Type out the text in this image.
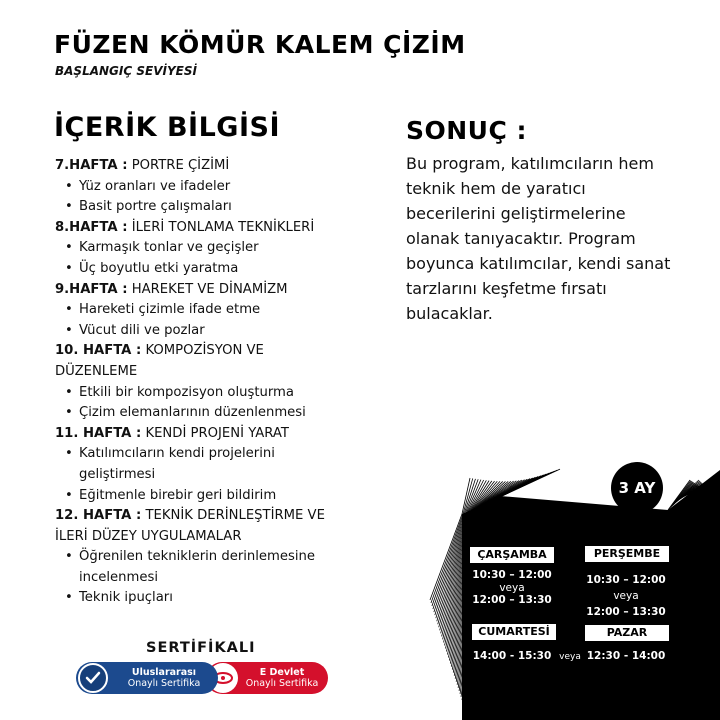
FÜZEN KÖMÜR KALEM ÇİZİM
BAŞLANGIÇ SEVİYESİ
İÇERİK BİLGİSİ
7.HAFTA : PORTRE ÇİZİMİ
• Yüz oranları ve ifadeler
• Basit portre çalışmaları
8.HAFTA : İLERİ TONLAMA TEKNİKLERİ
• Karmaşık tonlar ve geçişler
• Üç boyutlu etki yaratma
9.HAFTA : HAREKET VE DİNAMİZM
• Hareketi çizimle ifade etme
• Vücut dili ve pozlar
10. HAFTA : KOMPOZİSYON VE DÜZENLEME
• Etkili bir kompozisyon oluşturma
• Çizim elemanlarının düzenlenmesi
11. HAFTA : KENDİ PROJENİ YARAT
• Katılımcıların kendi projelerini geliştirmesi
• Eğitmenle birebir geri bildirim
12. HAFTA : TEKNİK DERİNLEŞTİRME VE İLERİ DÜZEY UYGULAMALAR
• Öğrenilen tekniklerin derinlemesine incelenmesi
• Teknik ipuçları
SONUÇ :
Bu program, katılımcıların hem teknik hem de yaratıcı becerilerini geliştirmelerine olanak tanıyacaktır. Program boyunca katılımcılar, kendi sanat tarzlarını keşfetme fırsatı bulacaklar.
3 AY
ÇARŞAMBA
10:30 – 12:00
veya
12:00 – 13:30
PERŞEMBE
10:30 – 12:00
veya
12:00 – 13:30
CUMARTESİ
14:00 - 15:30 veya
PAZAR
12:30 - 14:00
SERTİFİKALI
E Devlet
Onaylı Sertifika
Uluslararası
Onaylı Sertifika
